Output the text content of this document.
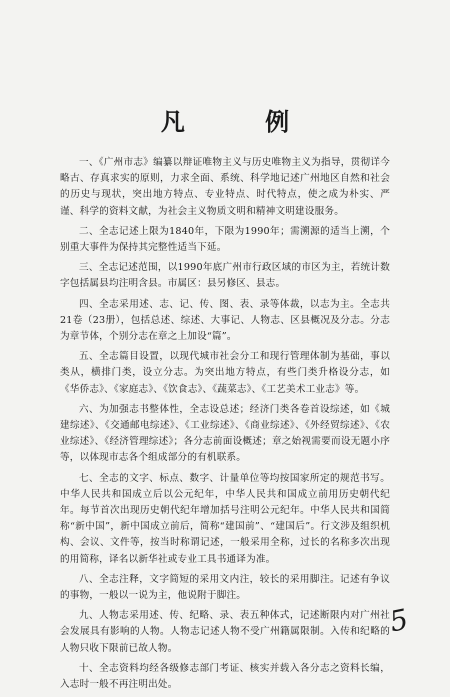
凡 例

一、《广州市志》编纂以辩证唯物主义与历史唯物主义为指导，贯彻详今略古、存真求实的原则，力求全面、系统、科学地记述广州地区自然和社会的历史与现状，突出地方特点、专业特点、时代特点，使之成为朴实、严谨、科学的资料文献，为社会主义物质文明和精神文明建设服务。

二、全志记述上限为1840年，下限为1990年；需溯源的适当上溯，个别重大事件为保持其完整性适当下延。

三、全志记述范围，以1990年底广州市行政区域的市区为主，若统计数字包括属县均注明含县。市属区：县另修区、县志。

四、全志采用述、志、记、传、图、表、录等体裁，以志为主。全志共21卷（23册），包括总述、综述、大事记、人物志、区县概况及分志。分志为章节体，个别分志在章之上加设“篇”。

五、全志篇目设置，以现代城市社会分工和现行管理体制为基础，事以类从，横排门类，设立分志。为突出地方特点，有些门类升格设分志，如《华侨志》、《家庭志》、《饮食志》、《蔬菜志》、《工艺美术工业志》等。

六、为加强志书整体性，全志设总述；经济门类各卷首设综述，如《城建综述》、《交通邮电综述》、《工业综述》、《商业综述》、《外经贸综述》、《农业综述》、《经济管理综述》；各分志前面设概述；章之始视需要而设无题小序等，以体现市志各个组成部分的有机联系。

七、全志的文字、标点、数字、计量单位等均按国家所定的规范书写。中华人民共和国成立后以公元纪年，中华人民共和国成立前用历史朝代纪年。每节首次出现历史朝代纪年增加括号注明公元纪年。中华人民共和国简称“新中国”，新中国成立前后，简称“建国前”、“建国后”。行文涉及组织机构、会议、文件等，按当时称谓记述，一般采用全称，过长的名称多次出现的用简称，译名以新华社或专业工具书通译为准。

八、全志注释，文字简短的采用文内注，较长的采用脚注。记述有争议的事物，一般以一说为主，他说附于脚注。

九、人物志采用述、传、纪略、录、表五种体式，记述断限内对广州社会发展具有影响的人物。人物志记述人物不受广州籍属限制。入传和纪略的人物只收下限前已故人物。

十、全志资料均经各级修志部门考证、核实并载入各分志之资料长编，入志时一般不再注明出处。

5
